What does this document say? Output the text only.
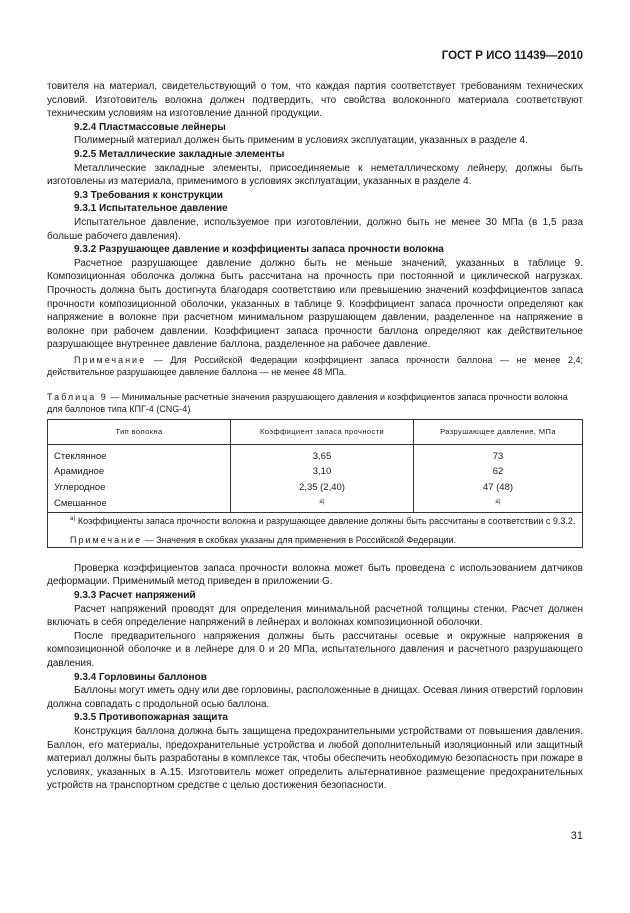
ГОСТ Р ИСО 11439—2010

товителя на материал, свидетельствующий о том, что каждая партия соответствует требованиям технических условий. Изготовитель волокна должен подтвердить, что свойства волоконного материала соответствуют техническим условиям на изготовление данной продукции.

9.2.4 Пластмассовые лейнеры

Полимерный материал должен быть применим в условиях эксплуатации, указанных в разделе 4.

9.2.5 Металлические закладные элементы

Металлические закладные элементы, присоединяемые к неметаллическому лейнеру, должны быть изготовлены из материала, применимого в условиях эксплуатации, указанных в разделе 4.

9.3 Требования к конструкции

9.3.1 Испытательное давление

Испытательное давление, используемое при изготовлении, должно быть не менее 30 МПа (в 1,5 раза больше рабочего давления).

9.3.2 Разрушающее давление и коэффициенты запаса прочности волокна

Расчетное разрушающее давление должно быть не меньше значений, указанных в таблице 9. Композиционная оболочка должна быть рассчитана на прочность при постоянной и циклической нагрузках. Прочность должна быть достигнута благодаря соответствию или превышению значений коэффициентов запаса прочности композиционной оболочки, указанных в таблице 9. Коэффициент запаса прочности определяют как напряжение в волокне при расчетном минимальном разрушающем давлении, разделенное на напряжение в волокне при рабочем давлении. Коэффициент запаса прочности баллона определяют как действительное разрушающее внутреннее давление баллона, разделенное на рабочее давление.

Примечание — Для Российской Федерации коэффициент запаса прочности баллона — не менее 2,4; действительное разрушающее давление баллона — не менее 48 МПа.

Таблица 9 — Минимальные расчетные значения разрушающего давления и коэффициентов запаса прочности волокна для баллонов типа КПГ-4 (CNG-4)

Тип волокна	Коэффициент запаса прочности	Разрушающее давление, МПа
Стеклянное	3,65	73
Арамидное	3,10	62
Углеродное	2,35 (2,40)	47 (48)
Смешанное	$^{а)}$	$^{а)}$

$^{а)}$ Коэффициенты запаса прочности волокна и разрушающее давление должны быть рассчитаны в соответствии с 9.3.2.
Примечание — Значения в скобках указаны для применения в Российской Федерации.		

Проверка коэффициентов запаса прочности волокна может быть проведена с использованием датчиков деформации. Применимый метод приведен в приложении G.

9.3.3 Расчет напряжений

Расчет напряжений проводят для определения минимальной расчетной толщины стенки. Расчет должен включать в себя определение напряжений в лейнерах и волокнах композиционной оболочки.

После предварительного напряжения должны быть рассчитаны осевые и окружные напряжения в композиционной оболочке и в лейнере для 0 и 20 МПа, испытательного давления и расчетного разрушающего давления.

9.3.4 Горловины баллонов

Баллоны могут иметь одну или две горловины, расположенные в днищах. Осевая линия отверстий горловин должна совпадать с продольной осью баллона.

9.3.5 Противопожарная защита

Конструкция баллона должна быть защищена предохранительными устройствами от повышения давления. Баллон, его материалы, предохранительные устройства и любой дополнительный изоляционный или защитный материал должны быть разработаны в комплексе так, чтобы обеспечить необходимую безопасность при пожаре в условиях, указанных в А.15. Изготовитель может определить альтернативное размещение предохранительных устройств на транспортном средстве с целью достижения безопасности.

31
